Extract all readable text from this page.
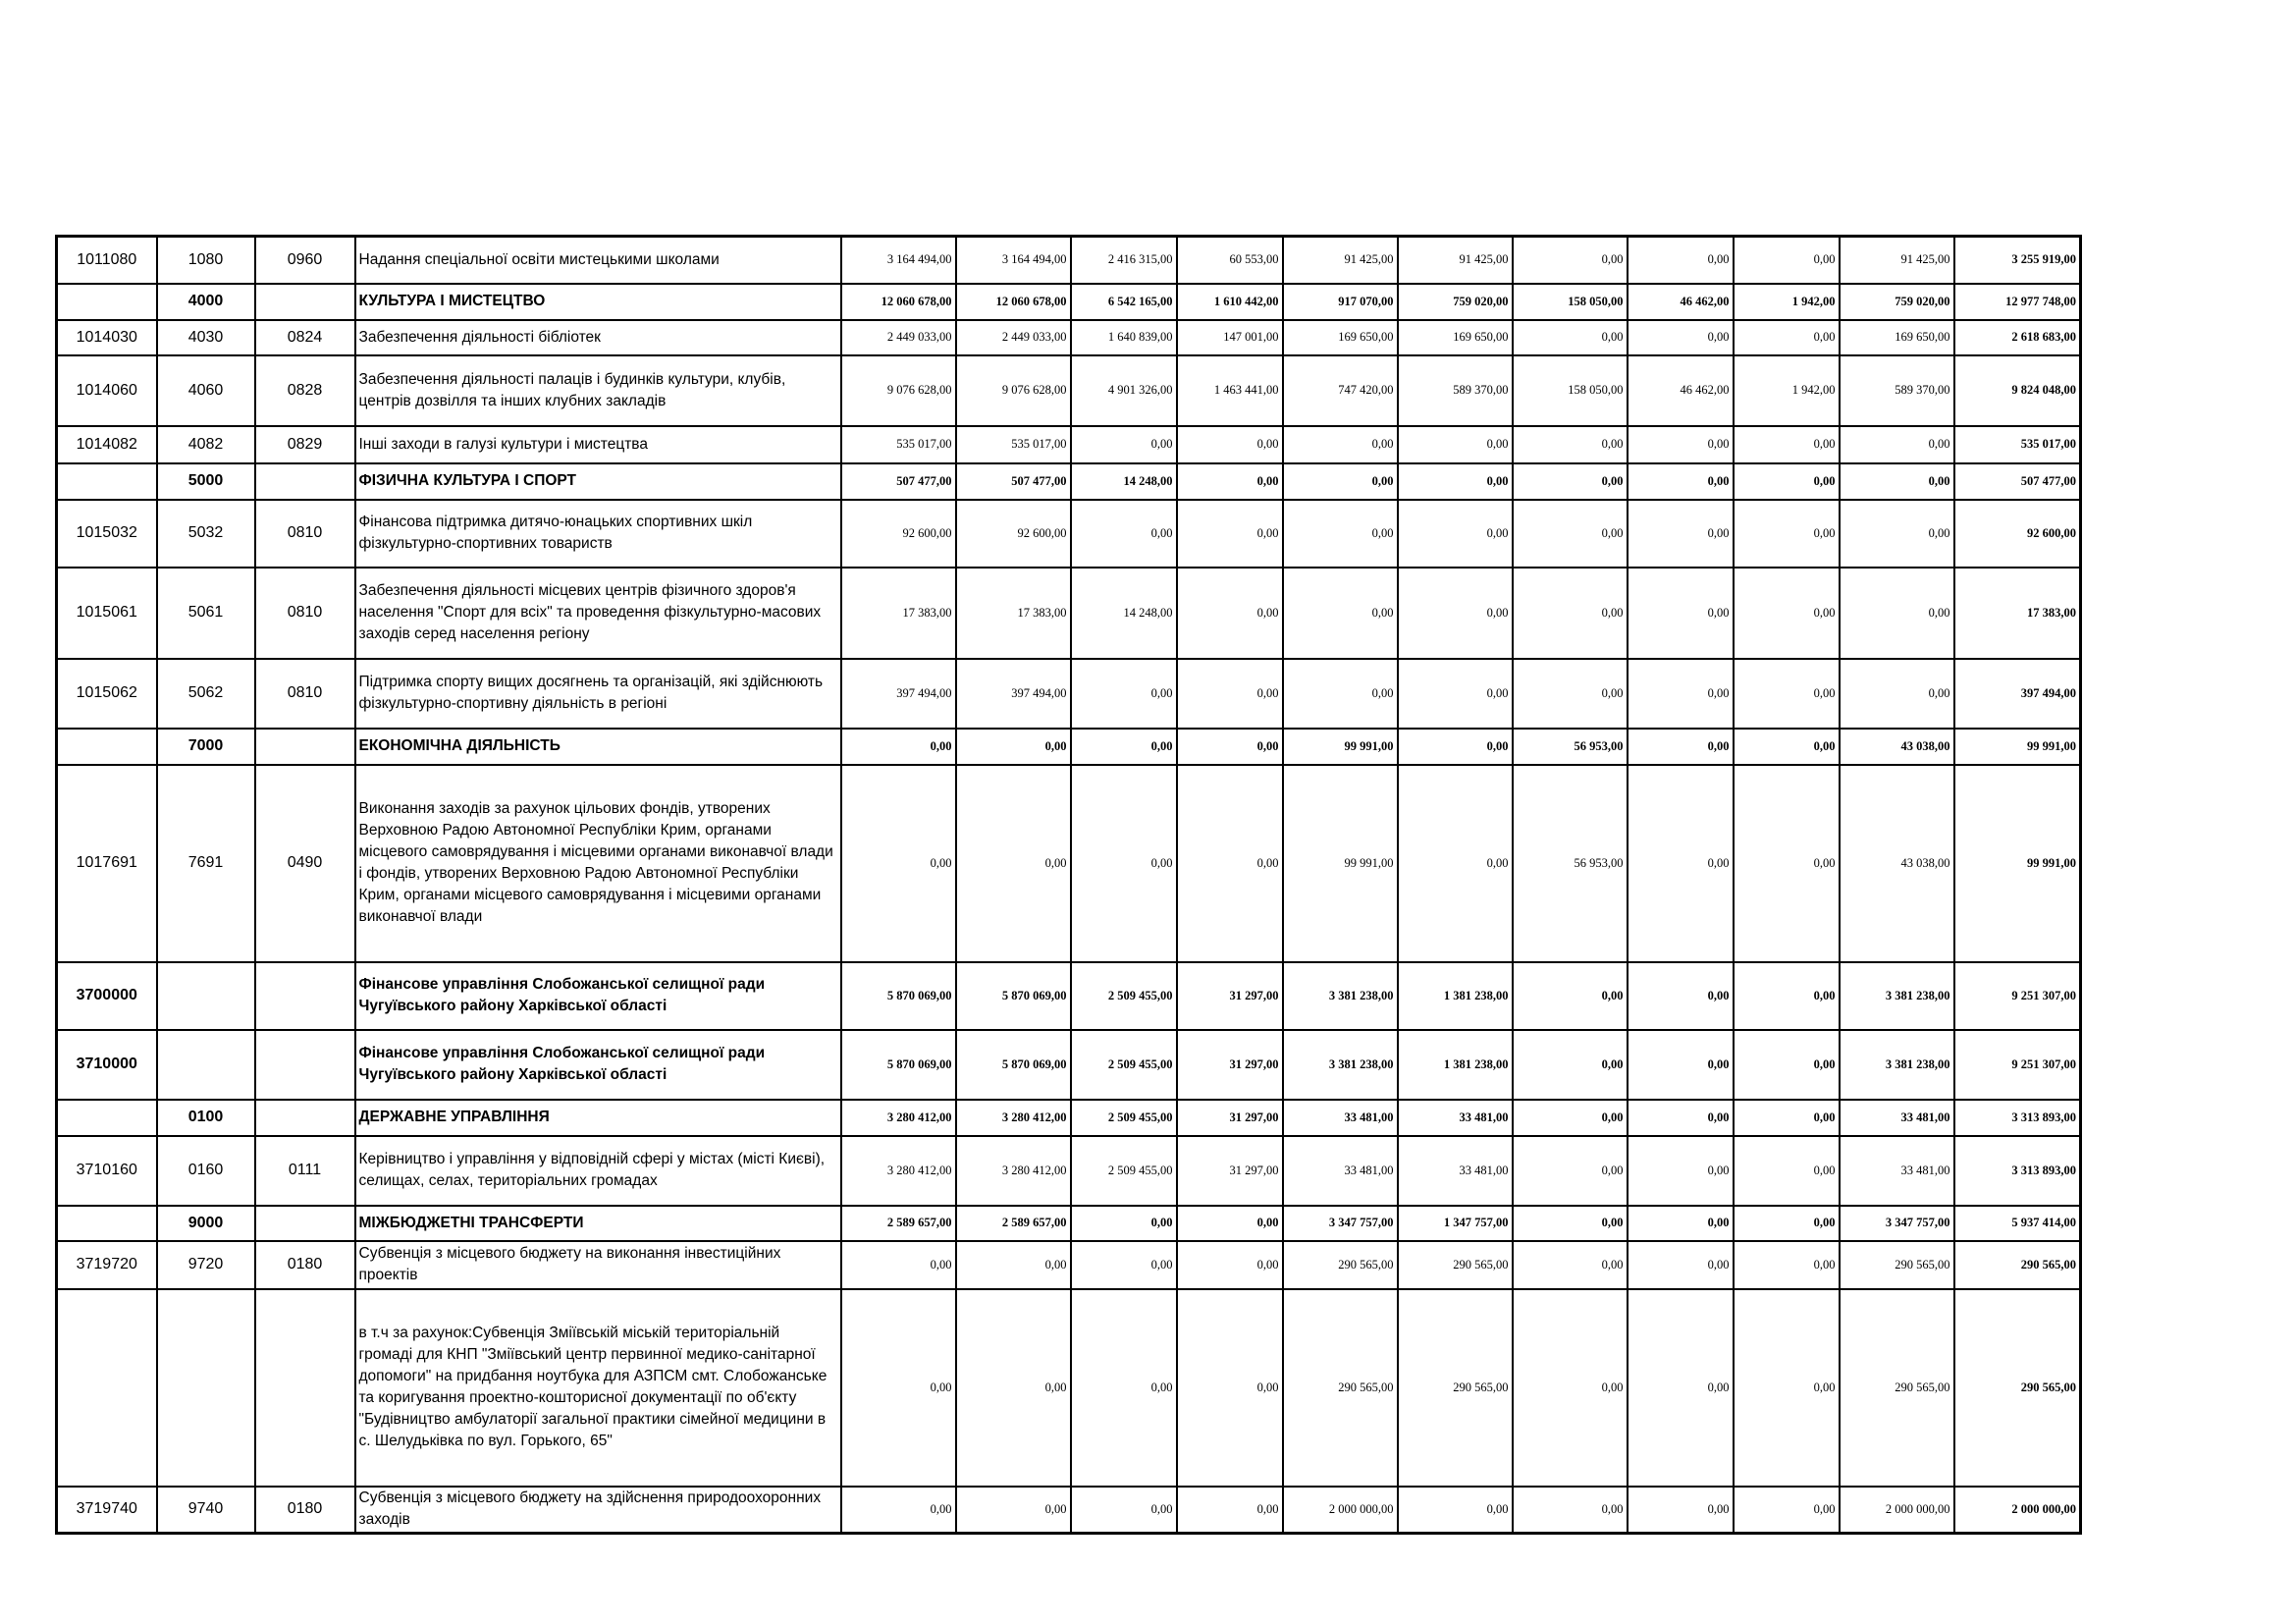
1011080	1080	0960	Надання спеціальної освіти мистецькими школами	3 164 494,00	3 164 494,00	2 416 315,00	60 553,00	91 425,00	91 425,00	0,00	0,00	0,00	91 425,00	3 255 919,00
	4000		КУЛЬТУРА І МИСТЕЦТВО	12 060 678,00	12 060 678,00	6 542 165,00	1 610 442,00	917 070,00	759 020,00	158 050,00	46 462,00	1 942,00	759 020,00	12 977 748,00
1014030	4030	0824	Забезпечення діяльності бібліотек	2 449 033,00	2 449 033,00	1 640 839,00	147 001,00	169 650,00	169 650,00	0,00	0,00	0,00	169 650,00	2 618 683,00
1014060	4060	0828	Забезпечення діяльності палаців і будинків культури, клубів, центрів дозвілля та інших клубних закладів	9 076 628,00	9 076 628,00	4 901 326,00	1 463 441,00	747 420,00	589 370,00	158 050,00	46 462,00	1 942,00	589 370,00	9 824 048,00
1014082	4082	0829	Інші заходи в галузі культури і мистецтва	535 017,00	535 017,00	0,00	0,00	0,00	0,00	0,00	0,00	0,00	0,00	535 017,00
	5000		ФІЗИЧНА КУЛЬТУРА І СПОРТ	507 477,00	507 477,00	14 248,00	0,00	0,00	0,00	0,00	0,00	0,00	0,00	507 477,00
1015032	5032	0810	Фінансова підтримка дитячо-юнацьких спортивних шкіл фізкультурно-спортивних товариств	92 600,00	92 600,00	0,00	0,00	0,00	0,00	0,00	0,00	0,00	0,00	92 600,00
1015061	5061	0810	Забезпечення діяльності місцевих центрів фізичного здоров'я населення "Спорт для всіх" та проведення фізкультурно-масових заходів серед населення регіону	17 383,00	17 383,00	14 248,00	0,00	0,00	0,00	0,00	0,00	0,00	0,00	17 383,00
1015062	5062	0810	Підтримка спорту вищих досягнень та організацій, які здійснюють фізкультурно-спортивну діяльність в регіоні	397 494,00	397 494,00	0,00	0,00	0,00	0,00	0,00	0,00	0,00	0,00	397 494,00
	7000		ЕКОНОМІЧНА ДІЯЛЬНІСТЬ	0,00	0,00	0,00	0,00	99 991,00	0,00	56 953,00	0,00	0,00	43 038,00	99 991,00
1017691	7691	0490	Виконання заходів за рахунок цільових фондів, утворених Верховною Радою Автономної Республіки Крим, органами місцевого самоврядування і місцевими органами виконавчої влади і фондів, утворених Верховною Радою Автономної Республіки Крим, органами місцевого самоврядування і місцевими органами виконавчої влади	0,00	0,00	0,00	0,00	99 991,00	0,00	56 953,00	0,00	0,00	43 038,00	99 991,00
3700000			Фінансове управління Слобожанської селищної ради Чугуївського району Харківської області	5 870 069,00	5 870 069,00	2 509 455,00	31 297,00	3 381 238,00	1 381 238,00	0,00	0,00	0,00	3 381 238,00	9 251 307,00
3710000			Фінансове управління Слобожанської селищної ради Чугуївського району Харківської області	5 870 069,00	5 870 069,00	2 509 455,00	31 297,00	3 381 238,00	1 381 238,00	0,00	0,00	0,00	3 381 238,00	9 251 307,00
	0100		ДЕРЖАВНЕ УПРАВЛІННЯ	3 280 412,00	3 280 412,00	2 509 455,00	31 297,00	33 481,00	33 481,00	0,00	0,00	0,00	33 481,00	3 313 893,00
3710160	0160	0111	Керівництво і управління у відповідній сфері у містах (місті Києві), селищах, селах, територіальних громадах	3 280 412,00	3 280 412,00	2 509 455,00	31 297,00	33 481,00	33 481,00	0,00	0,00	0,00	33 481,00	3 313 893,00
	9000		МІЖБЮДЖЕТНІ ТРАНСФЕРТИ	2 589 657,00	2 589 657,00	0,00	0,00	3 347 757,00	1 347 757,00	0,00	0,00	0,00	3 347 757,00	5 937 414,00
3719720	9720	0180	Субвенція з місцевого бюджету на виконання інвестиційних проектів	0,00	0,00	0,00	0,00	290 565,00	290 565,00	0,00	0,00	0,00	290 565,00	290 565,00
			в т.ч за рахунок:Субвенція Зміївській міській територіальній громаді для КНП "Зміївський центр первинної медико-санітарної допомоги" на придбання ноутбука для АЗПСМ смт. Слобожанське та коригування проектно-кошторисної документації по об'єкту "Будівництво амбулаторії загальної практики сімейної медицини в с. Шелудьківка по вул. Горького, 65"	0,00	0,00	0,00	0,00	290 565,00	290 565,00	0,00	0,00	0,00	290 565,00	290 565,00
3719740	9740	0180	Субвенція з місцевого бюджету на здійснення природоохоронних заходів	0,00	0,00	0,00	0,00	2 000 000,00	0,00	0,00	0,00	0,00	2 000 000,00	2 000 000,00
